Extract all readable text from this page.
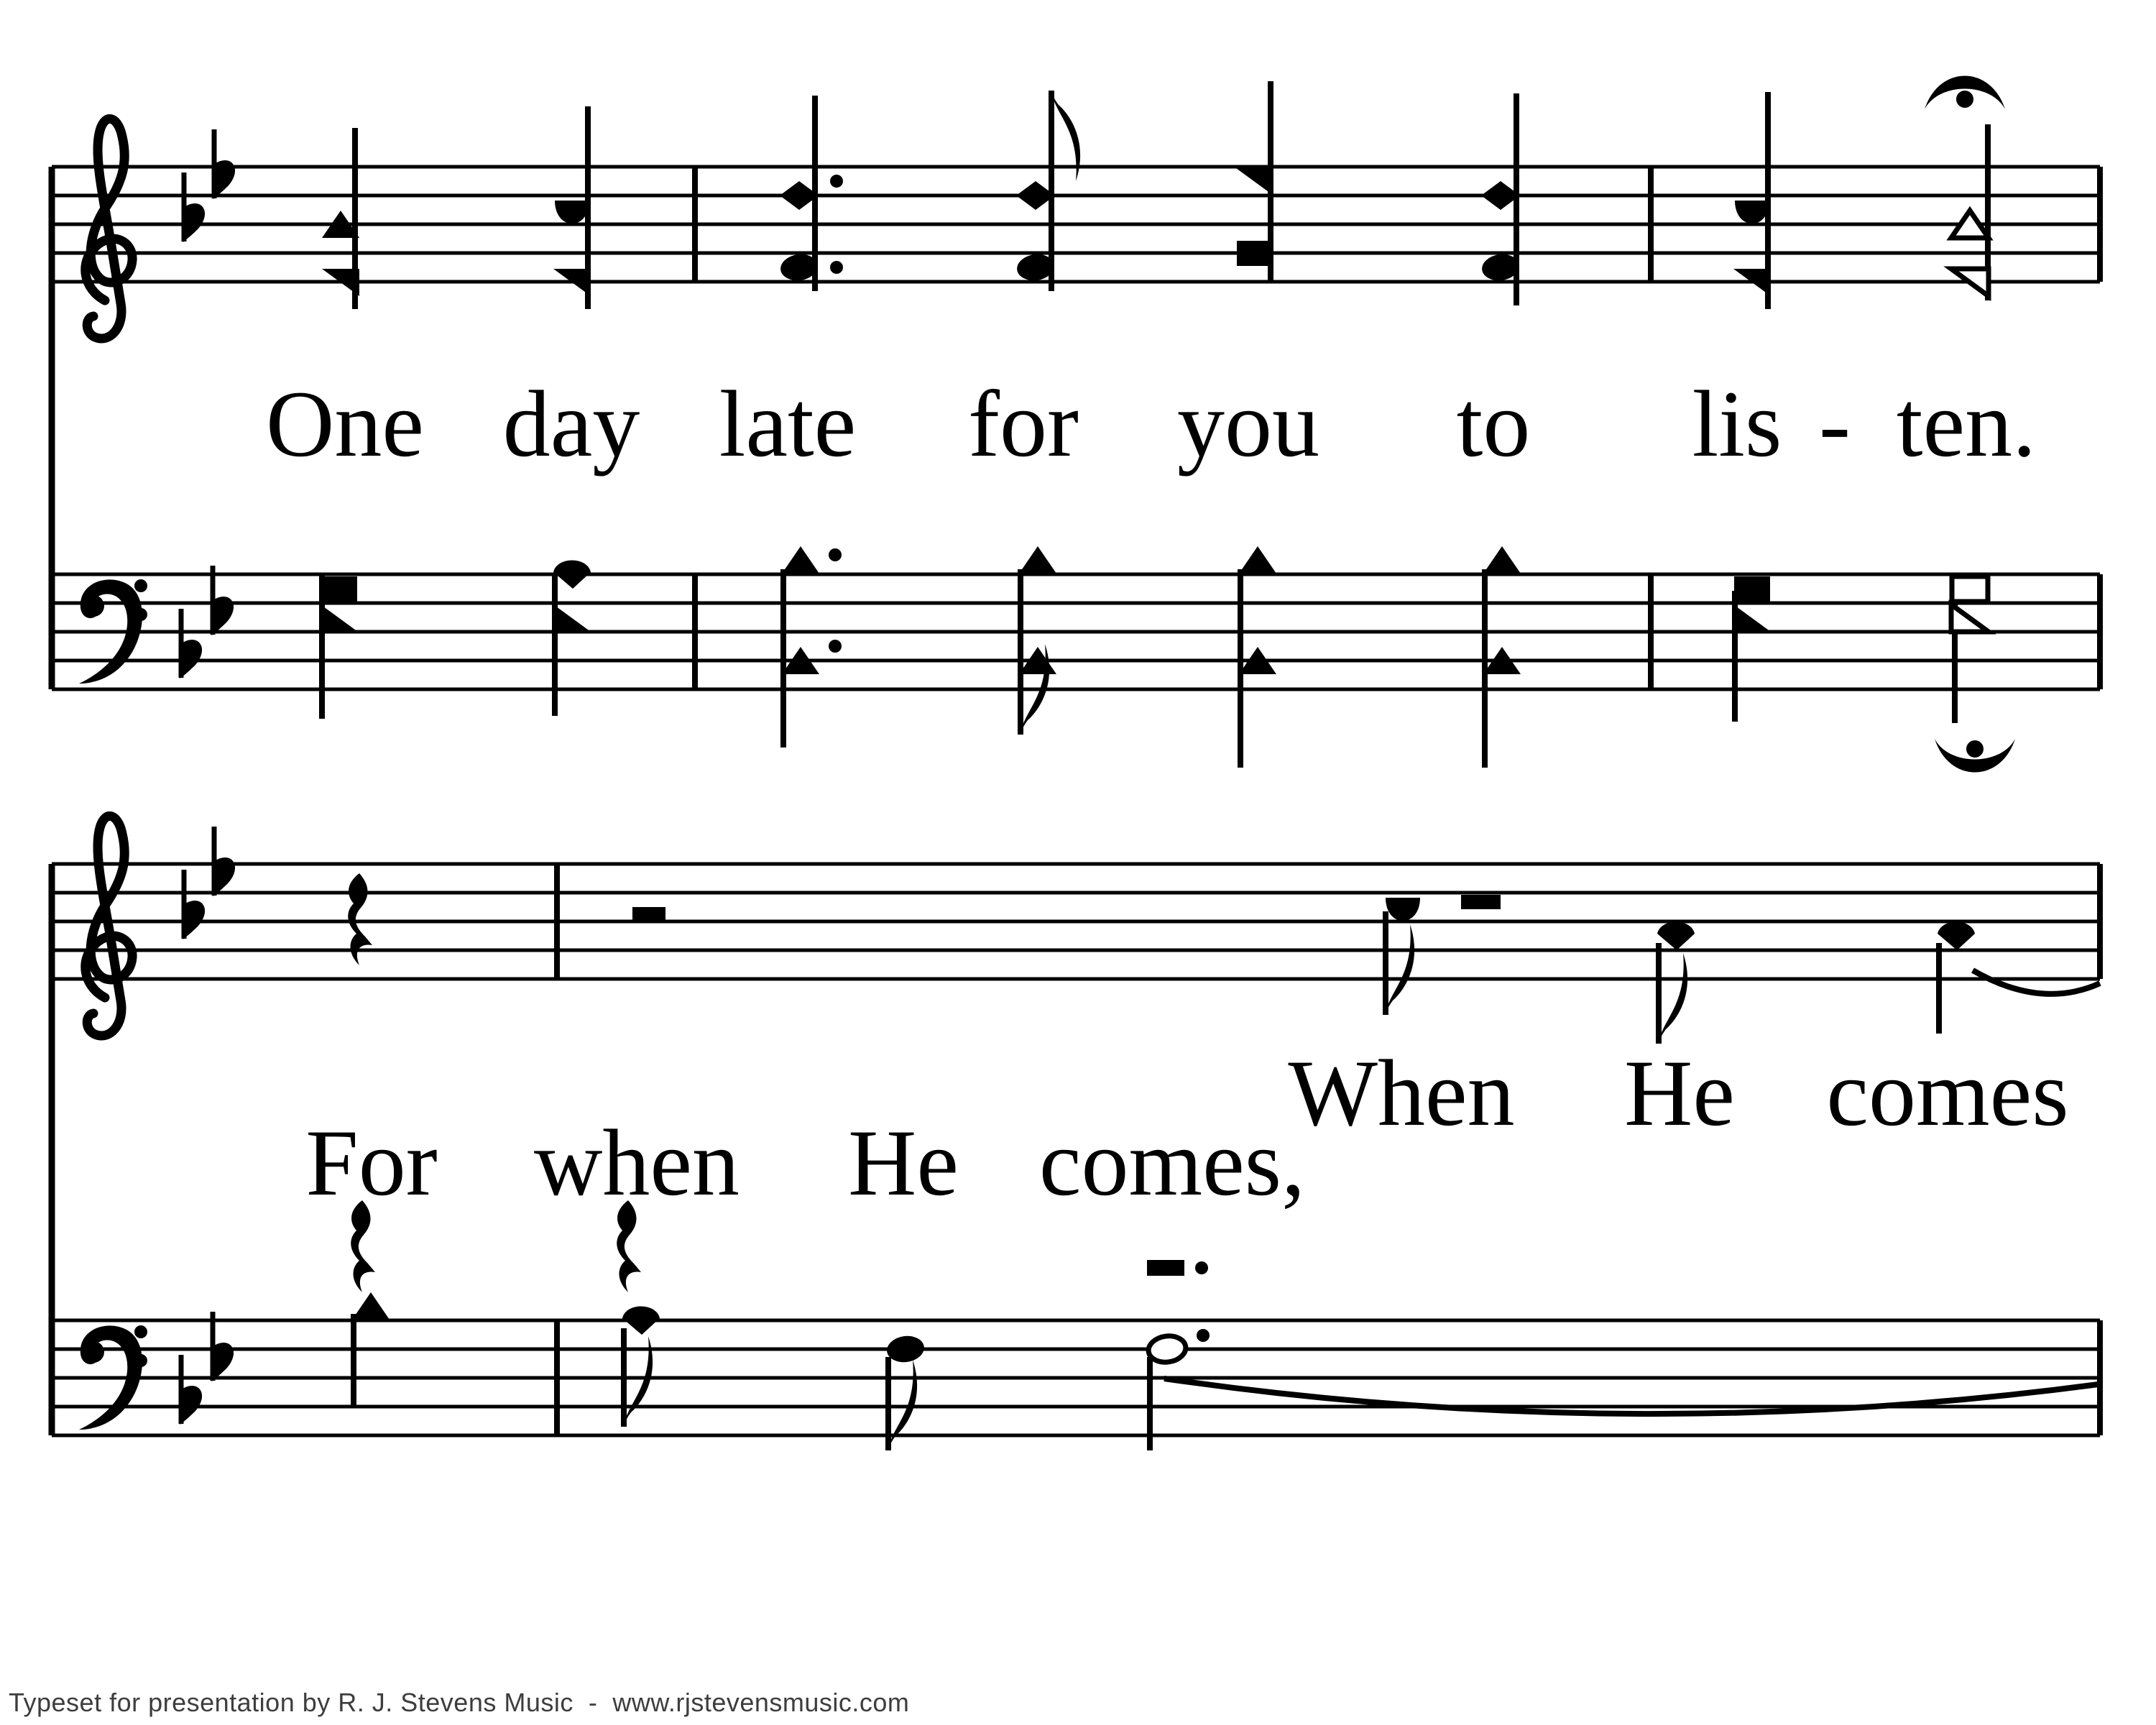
One day late for you to lis - ten.
When He comes
For when He comes,
Typeset for presentation by R. J. Stevens Music  -  www.rjstevensmusic.com
